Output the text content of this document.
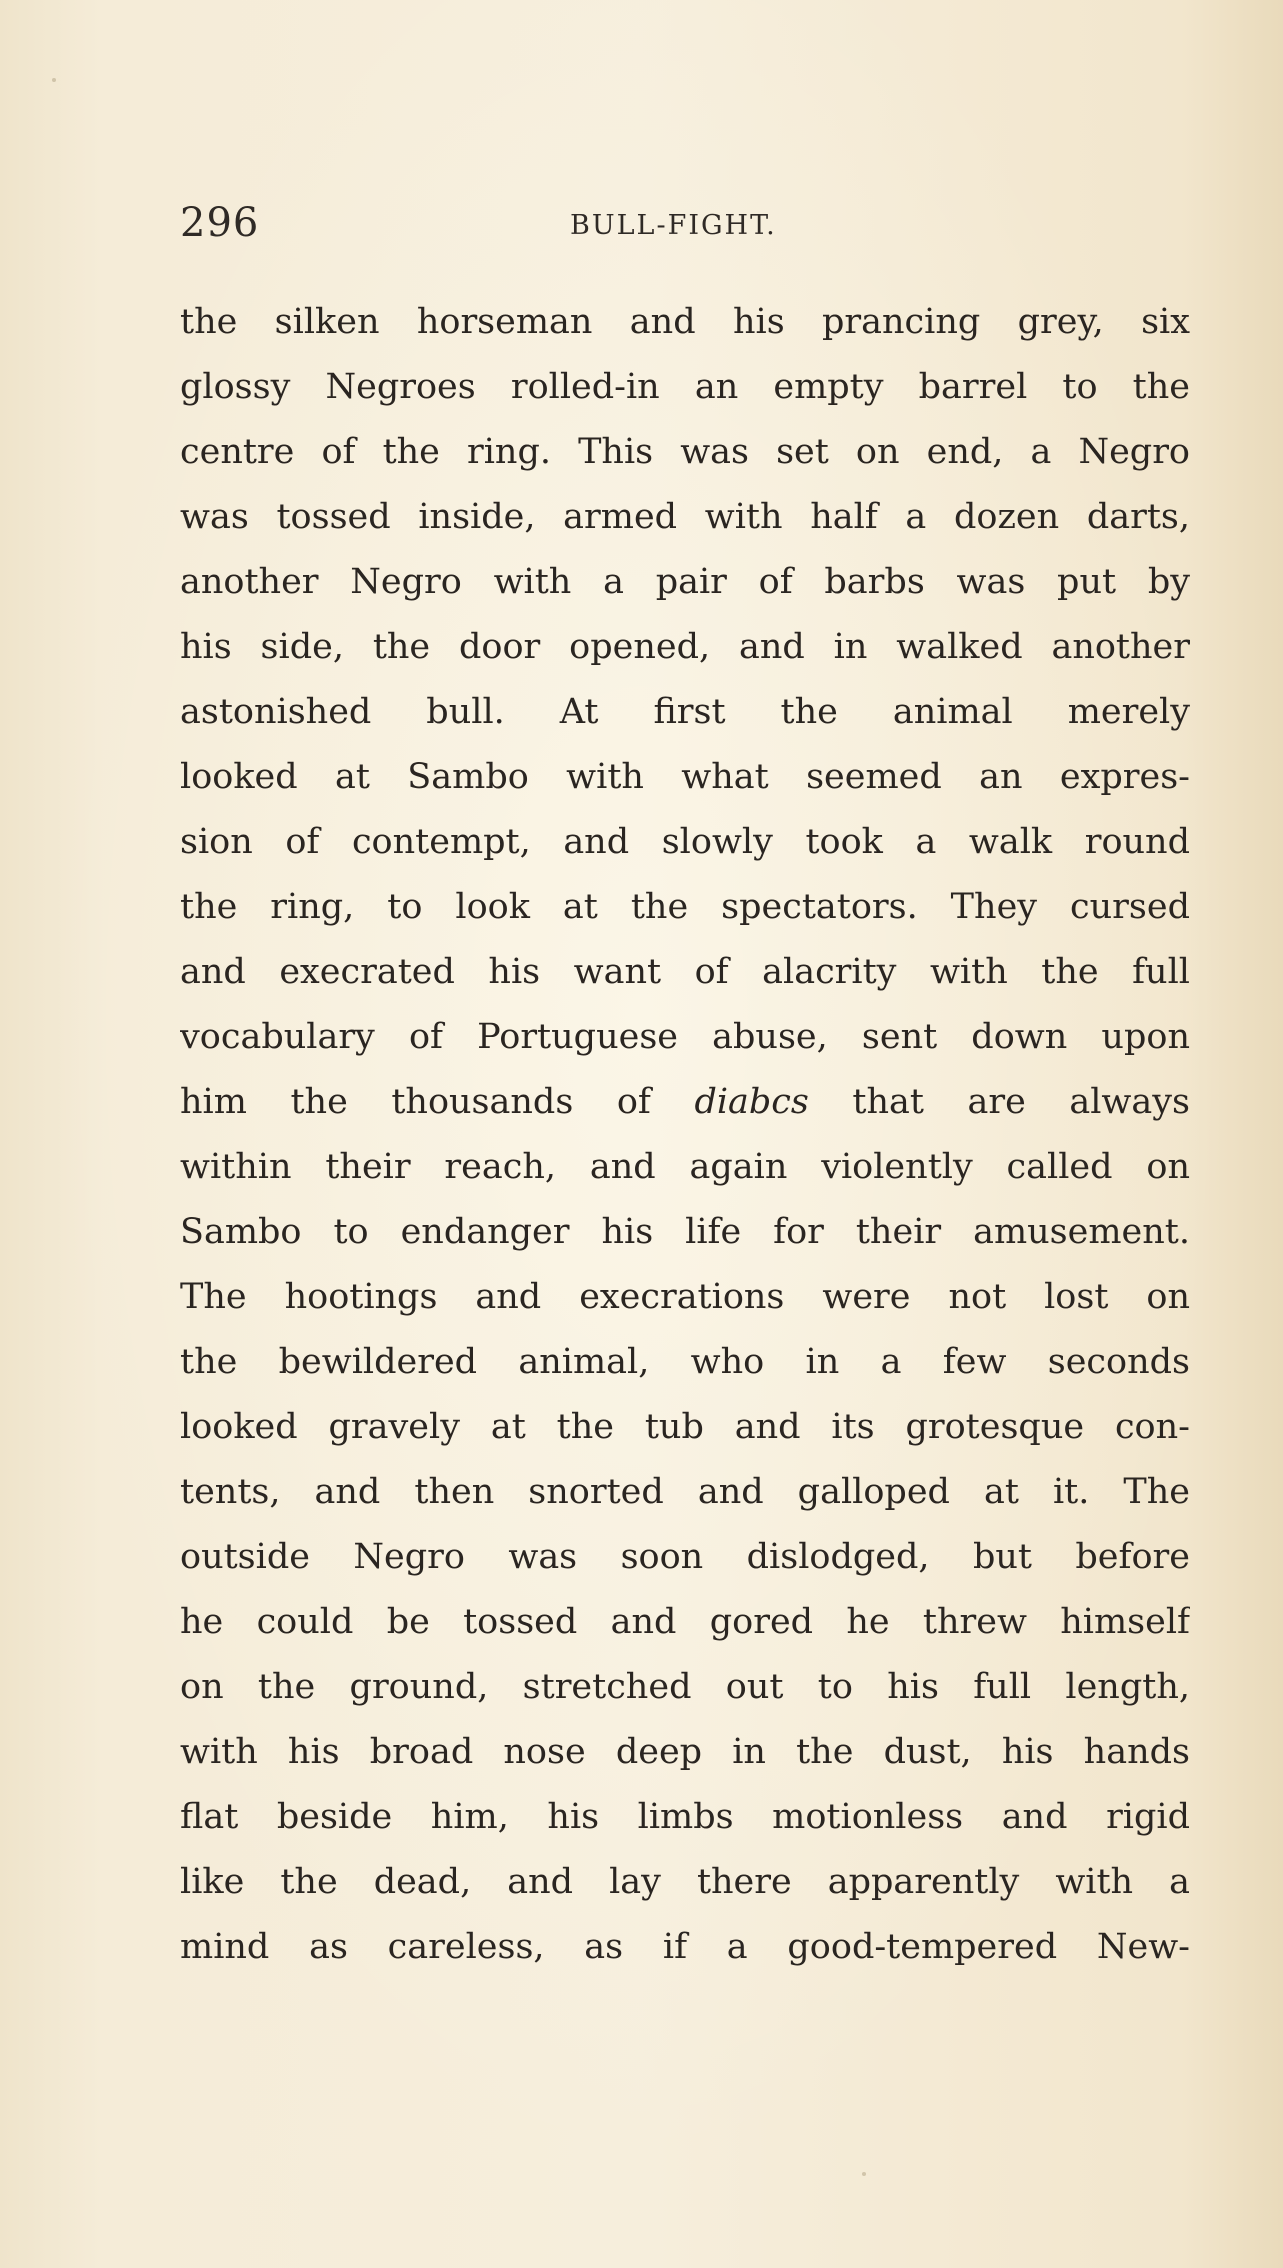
296	BULL-FIGHT.
the silken horseman and his prancing grey, six
glossy Negroes rolled-in an empty barrel to the
centre of the ring. This was set on end, a Negro
was tossed inside, armed with half a dozen darts,
another Negro with a pair of barbs was put by
his side, the door opened, and in walked another
astonished bull. At first the animal merely
looked at Sambo with what seemed an expres-
sion of contempt, and slowly took a walk round
the ring, to look at the spectators. They cursed
and execrated his want of alacrity with the full
vocabulary of Portuguese abuse, sent down upon
him the thousands of diabcs that are always
within their reach, and again violently called on
Sambo to endanger his life for their amusement.
The hootings and execrations were not lost on
the bewildered animal, who in a few seconds
looked gravely at the tub and its grotesque con-
tents, and then snorted and galloped at it. The
outside Negro was soon dislodged, but before
he could be tossed and gored he threw himself
on the ground, stretched out to his full length,
with his broad nose deep in the dust, his hands
flat beside him, his limbs motionless and rigid
like the dead, and lay there apparently with a
mind as careless, as if a good-tempered New-
